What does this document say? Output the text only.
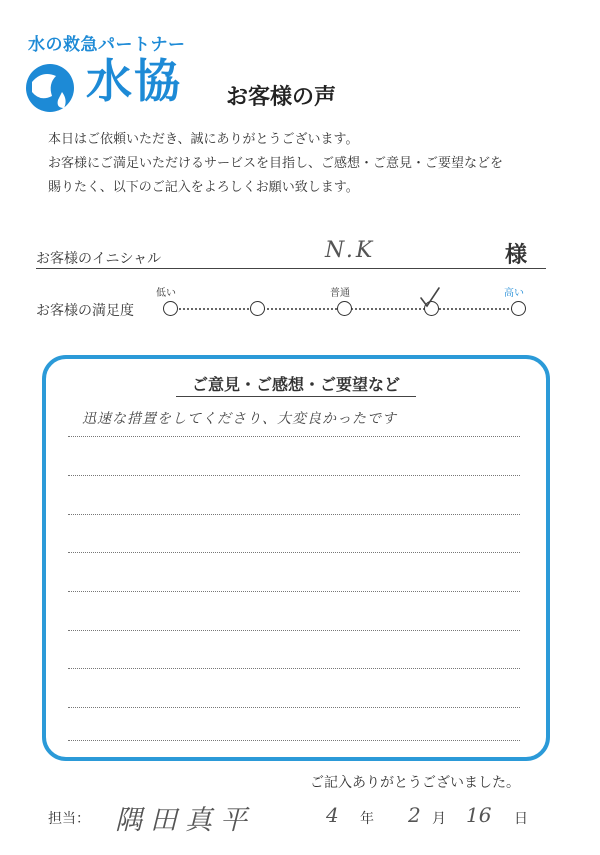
水の救急パートナー
水協 お客様の声
本日はご依頼いただき、誠にありがとうございます。
お客様にご満足いただけるサービスを目指し、ご感想・ご意見・ご要望などを
賜りたく、以下のご記入をよろしくお願い致します。
お客様のイニシャル	N.K	様
お客様の満足度
低い	普通	高い
ご意見・ご感想・ご要望など
迅速な措置をしてくださり、大変良かったです
ご記入ありがとうございました。
担当： 隅田真平	4 年 2 月 16 日
